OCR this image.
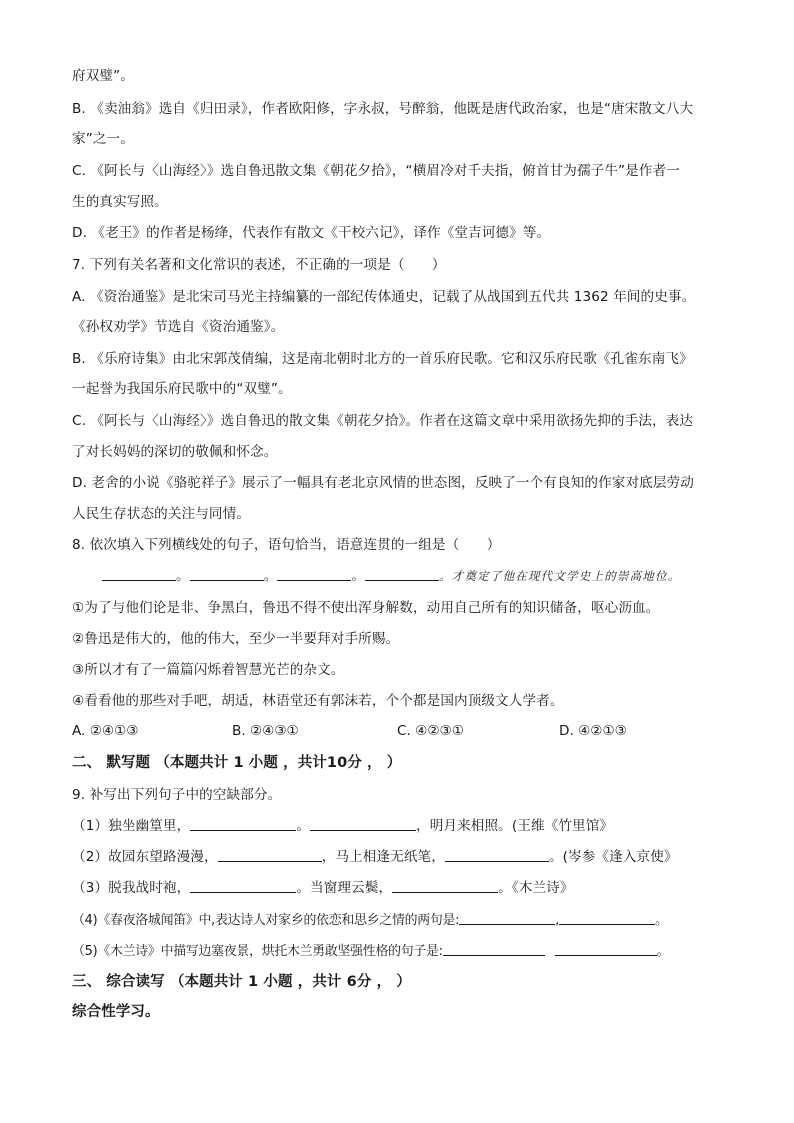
府双璧”。
B. 《卖油翁》选自《归田录》，作者欧阳修，字永叔，号醉翁，他既是唐代政治家，也是“唐宋散文八大
家”之一。
C. 《阿长与〈山海经〉》选自鲁迅散文集《朝花夕拾》，“横眉冷对千夫指，俯首甘为孺子牛”是作者一
生的真实写照。
D. 《老王》的作者是杨绛，代表作有散文《干校六记》，译作《堂吉诃德》等。
7. 下列有关名著和文化常识的表述，不正确的一项是（　　）
A. 《资治通鉴》是北宋司马光主持编纂的一部纪传体通史，记载了从战国到五代共 1362 年间的史事。
《孙权劝学》节选自《资治通鉴》。
B. 《乐府诗集》由北宋郭茂倩编，这是南北朝时北方的一首乐府民歌。它和汉乐府民歌《孔雀东南飞》
一起誉为我国乐府民歌中的“双璧”。
C. 《阿长与〈山海经〉》选自鲁迅的散文集《朝花夕拾》。作者在这篇文章中采用欲扬先抑的手法，表达
了对长妈妈的深切的敬佩和怀念。
D. 老舍的小说《骆驼祥子》展示了一幅具有老北京风情的世态图，反映了一个有良知的作家对底层劳动
人民生存状态的关注与同情。
8. 依次填入下列横线处的句子，语句恰当，语意连贯的一组是（　　）
。	。	。	。才奠定了他在现代文学史上的崇高地位。
①为了与他们论是非、争黑白，鲁迅不得不使出浑身解数，动用自己所有的知识储备，呕心沥血。
②鲁迅是伟大的，他的伟大，至少一半要拜对手所赐。
③所以才有了一篇篇闪烁着智慧光芒的杂文。
④看看他的那些对手吧，胡适，林语堂还有郭沫若，个个都是国内顶级文人学者。
A. ②④①③	B. ②④③①	C. ④②③①	D. ④②①③
二、 默写题 （本题共计 1 小题 ，共计10分 ， ）
9. 补写出下列句子中的空缺部分。
（1）独坐幽篁里，	。	，明月来相照。(王维《竹里馆》
（2）故园东望路漫漫，	，马上相逢无纸笔，	。(岑参《逢入京使》
（3）脱我战时袍，	。当窗理云鬓，	。《木兰诗》
（4)《春夜洛城闻笛》中,表达诗人对家乡的依恋和思乡之情的两句是:	,	。
（5)《木兰诗》中描写边塞夜景，烘托木兰勇敢坚强性格的句子是:	。
三、 综合读写 （本题共计 1 小题 ，共计 6分 ， ）
综合性学习。
